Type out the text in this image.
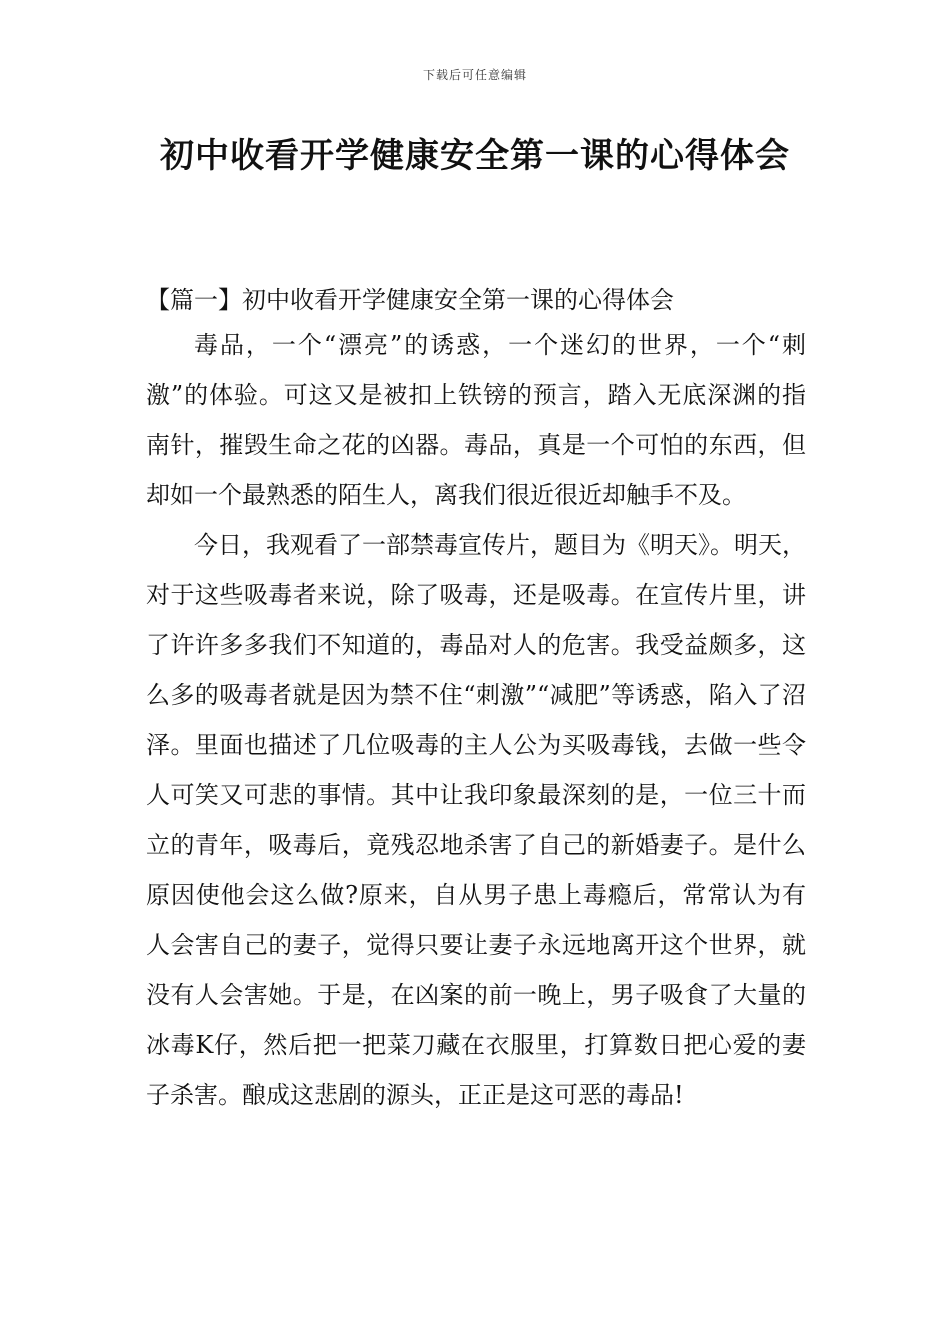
下载后可任意编辑
初中收看开学健康安全第一课的心得体会
【篇一】初中收看开学健康安全第一课的心得体会

毒品，一个“漂亮”的诱惑，一个迷幻的世界，一个“刺激”的体验。可这又是被扣上铁镑的预言，踏入无底深渊的指南针，摧毁生命之花的凶器。毒品，真是一个可怕的东西，但却如一个最熟悉的陌生人，离我们很近很近却触手不及。

今日，我观看了一部禁毒宣传片，题目为《明天》。明天，对于这些吸毒者来说，除了吸毒，还是吸毒。在宣传片里，讲了许许多多我们不知道的，毒品对人的危害。我受益颇多，这么多的吸毒者就是因为禁不住“刺激”“减肥”等诱惑，陷入了沼泽。里面也描述了几位吸毒的主人公为买吸毒钱，去做一些令人可笑又可悲的事情。其中让我印象最深刻的是，一位三十而立的青年，吸毒后，竟残忍地杀害了自己的新婚妻子。是什么原因使他会这么做?原来，自从男子患上毒瘾后，常常认为有人会害自己的妻子，觉得只要让妻子永远地离开这个世界，就没有人会害她。于是，在凶案的前一晚上，男子吸食了大量的冰毒K仔，然后把一把菜刀藏在衣服里，打算数日把心爱的妻子杀害。酿成这悲剧的源头，正正是这可恶的毒品!
